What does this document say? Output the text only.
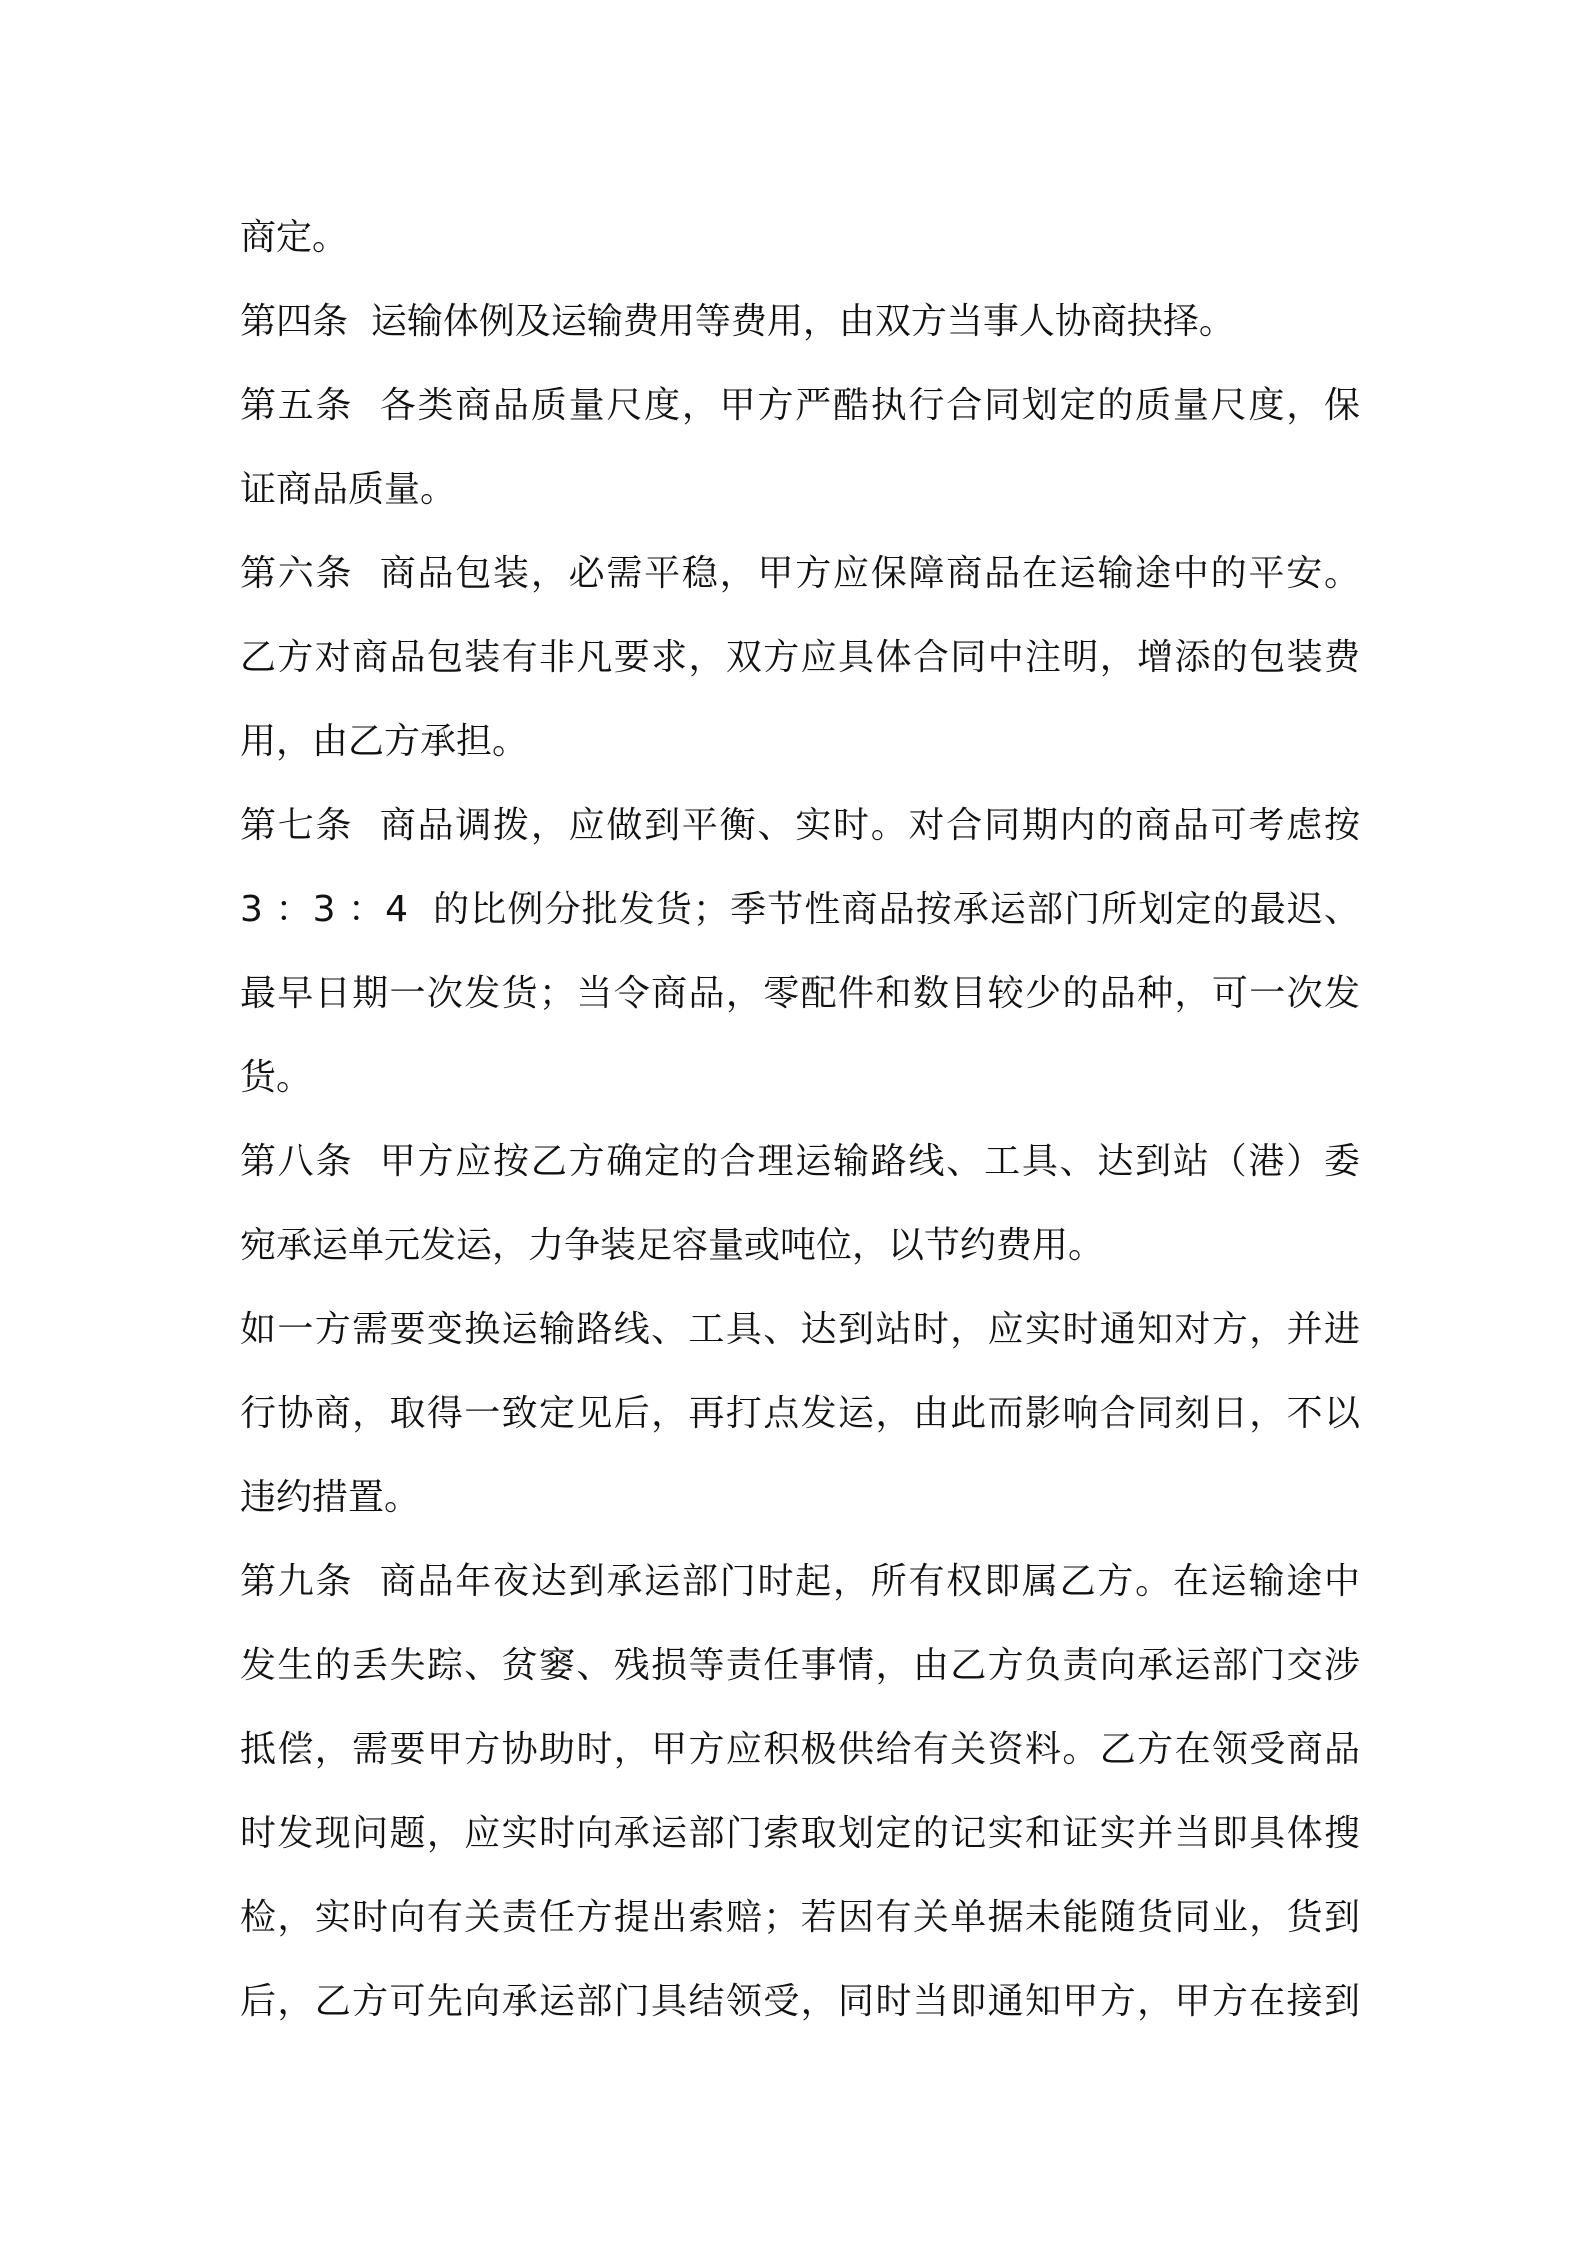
商定。
第四条  运输体例及运输费用等费用，由双方当事人协商抉择。
第五条  各类商品质量尺度，甲方严酷执行合同划定的质量尺度，保
证商品质量。
第六条  商品包装，必需平稳，甲方应保障商品在运输途中的平安。
乙方对商品包装有非凡要求，双方应具体合同中注明，增添的包装费
用，由乙方承担。
第七条  商品调拨，应做到平衡、实时。对合同期内的商品可考虑按
3 ：3 ：4  的比例分批发货；季节性商品按承运部门所划定的最迟、
最早日期一次发货；当令商品，零配件和数目较少的品种，可一次发
货。
第八条  甲方应按乙方确定的合理运输路线、工具、达到站（港）委
宛承运单元发运，力争装足容量或吨位，以节约费用。
如一方需要变换运输路线、工具、达到站时，应实时通知对方，并进
行协商，取得一致定见后，再打点发运，由此而影响合同刻日，不以
违约措置。
第九条  商品年夜达到承运部门时起，所有权即属乙方。在运输途中
发生的丢失踪、贫窭、残损等责任事情，由乙方负责向承运部门交涉
抵偿，需要甲方协助时，甲方应积极供给有关资料。乙方在领受商品
时发现问题，应实时向承运部门索取划定的记实和证实并当即具体搜
检，实时向有关责任方提出索赔；若因有关单据未能随货同业，货到
后，乙方可先向承运部门具结领受，同时当即通知甲方，甲方在接到
